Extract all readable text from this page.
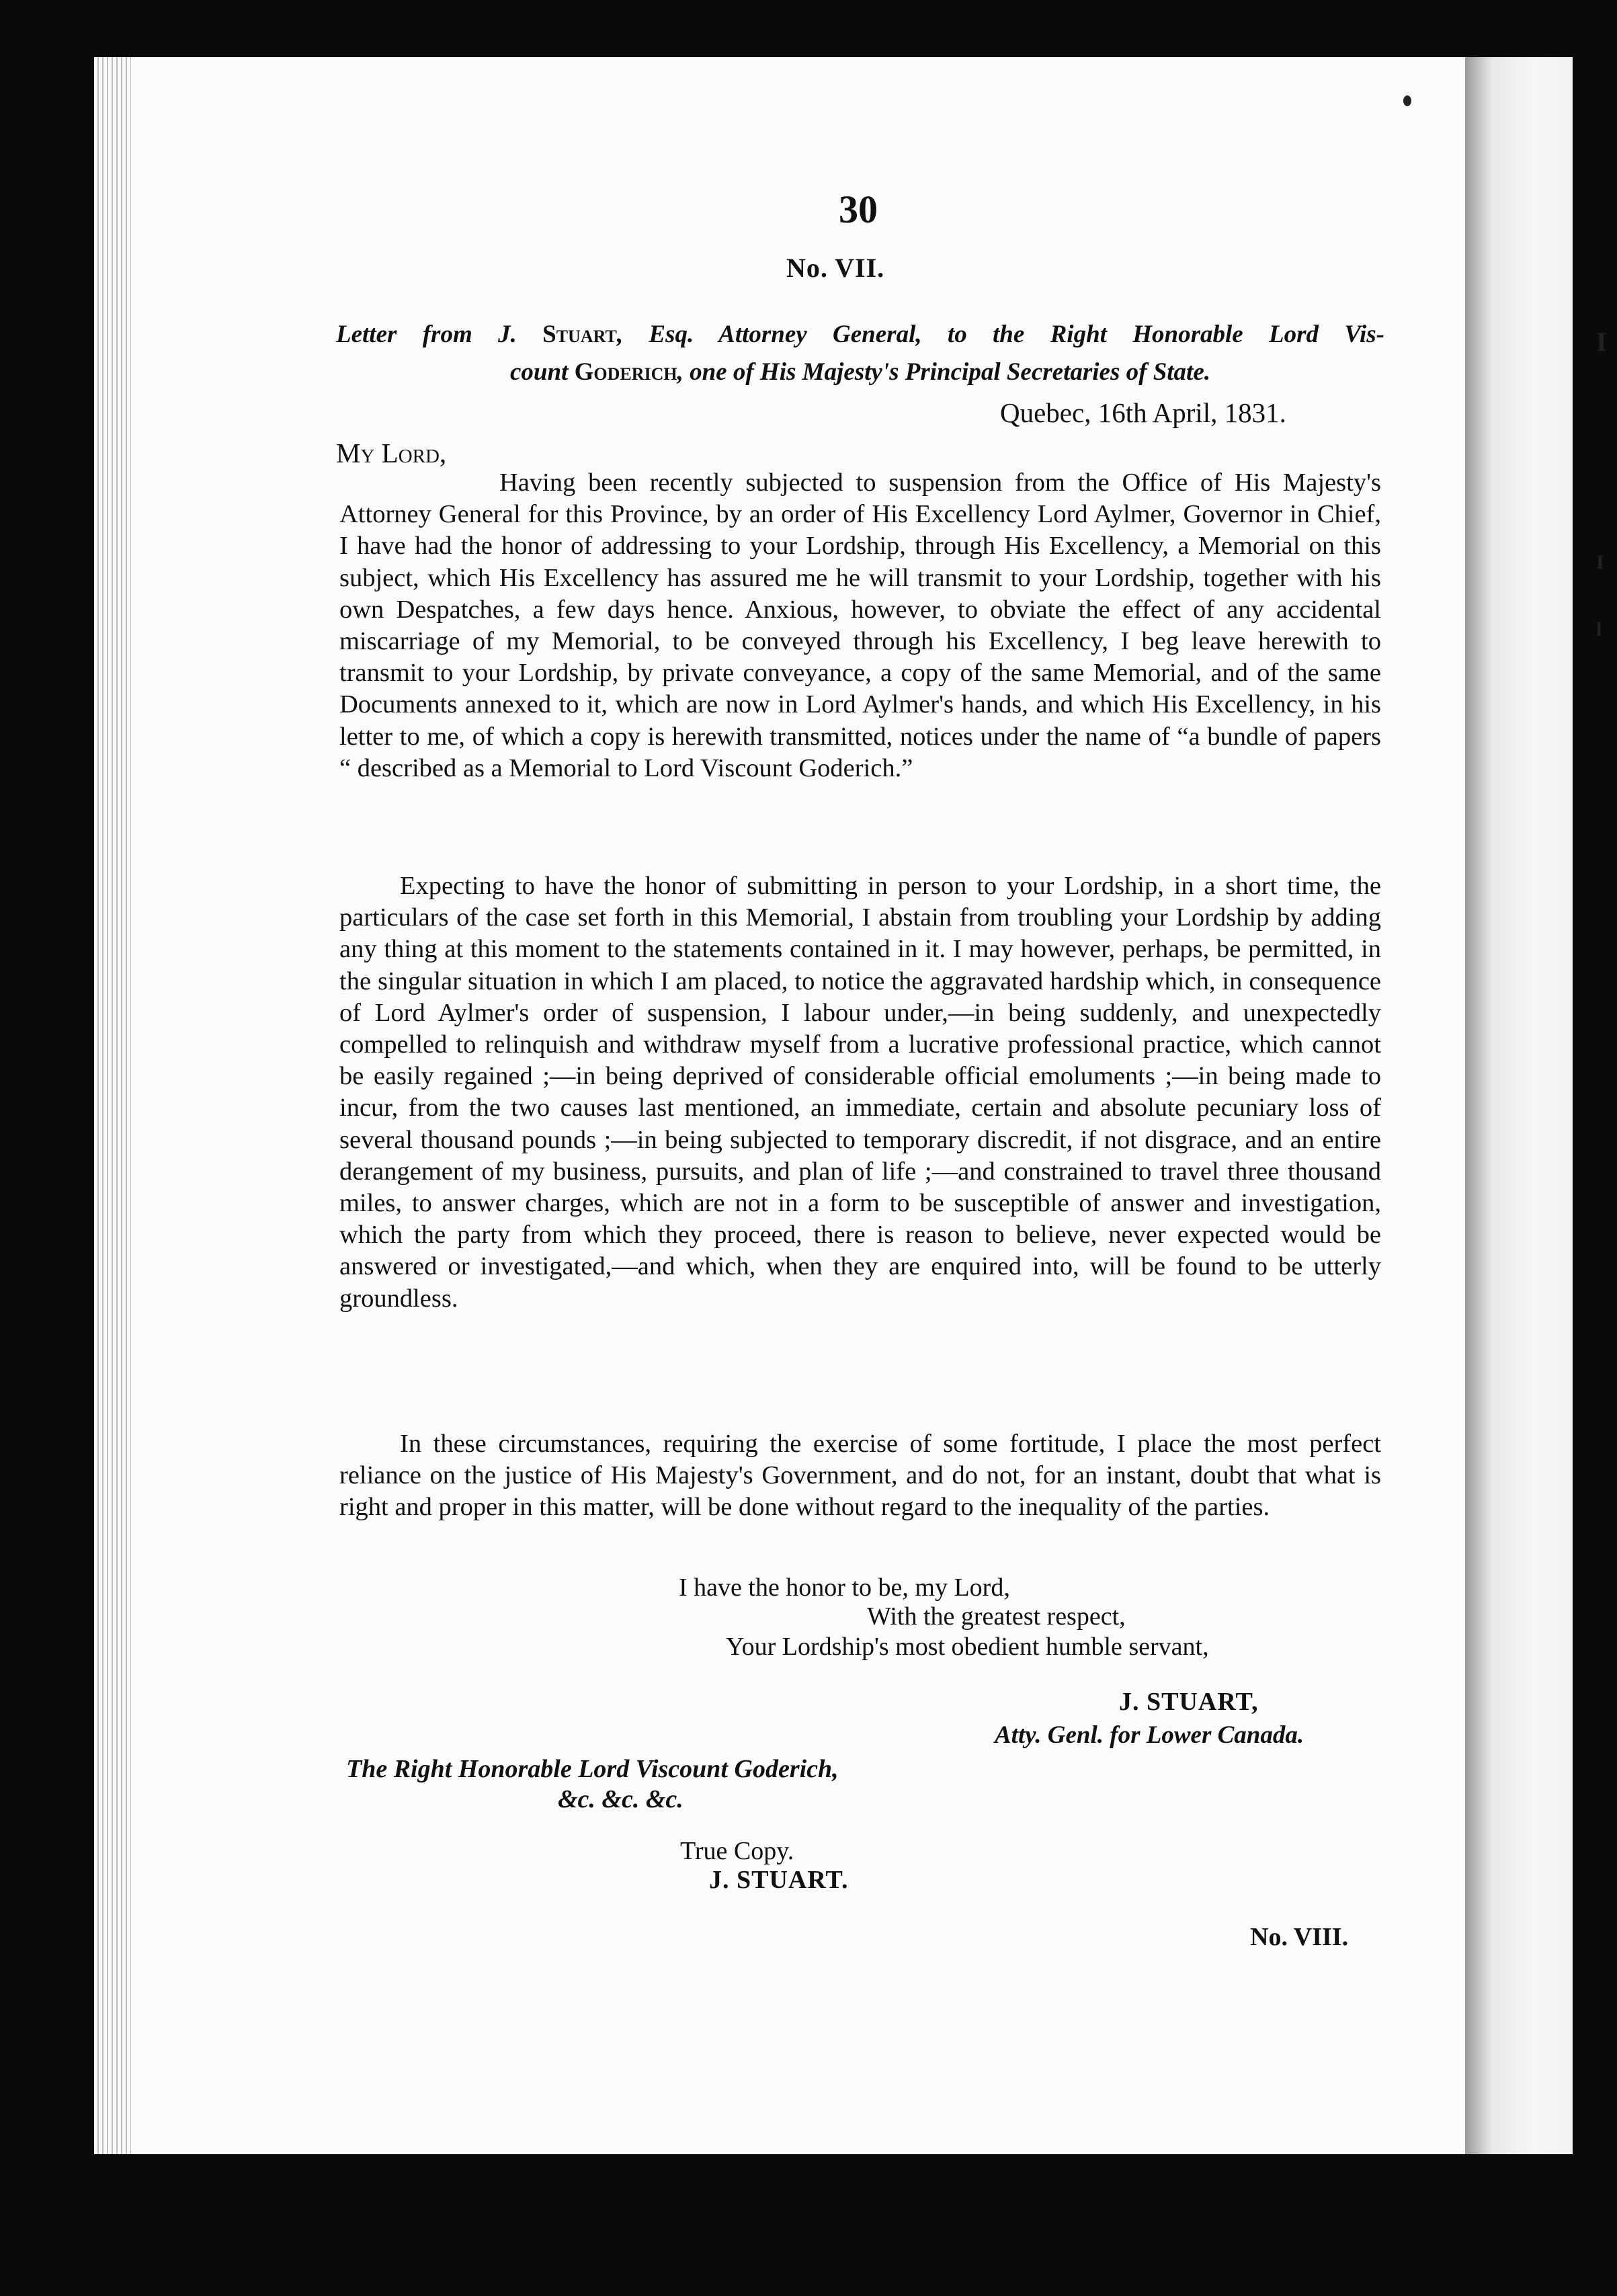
I
I
l
30
No. VII.
Letter from J. Stuart, Esq. Attorney General, to the Right Honorable Lord Vis-
count Goderich, one of His Majesty's Principal Secretaries of State.
Quebec, 16th April, 1831.
My Lord,
Having been recently subjected to suspension from the Office of His Majesty's Attorney General for this Province, by an order of His Excellency Lord Aylmer, Governor in Chief, I have had the honor of addressing to your Lordship, through His Excellency, a Memorial on this subject, which His Excellency has assured me he will transmit to your Lordship, together with his own Despatches, a few days hence. Anxious, however, to obviate the effect of any accidental miscarriage of my Memorial, to be conveyed through his Excellency, I beg leave herewith to transmit to your Lordship, by private conveyance, a copy of the same Memorial, and of the same Documents annexed to it, which are now in Lord Aylmer's hands, and which His Excellency, in his letter to me, of which a copy is herewith transmitted, notices under the name of “a bundle of papers “ described as a Memorial to Lord Viscount Goderich.”
Expecting to have the honor of submitting in person to your Lordship, in a short time, the particulars of the case set forth in this Memorial, I abstain from troubling your Lordship by adding any thing at this moment to the statements contained in it. I may however, perhaps, be permitted, in the singular situation in which I am placed, to notice the aggravated hardship which, in consequence of Lord Aylmer's order of suspension, I labour under,—in being suddenly, and unexpectedly compelled to relinquish and withdraw myself from a lucrative professional practice, which cannot be easily regained ;—in being deprived of considerable official emoluments ;—in being made to incur, from the two causes last mentioned, an immediate, certain and absolute pecuniary loss of several thousand pounds ;—in being subjected to temporary discredit, if not disgrace, and an entire derangement of my business, pursuits, and plan of life ;—and constrained to travel three thousand miles, to answer charges, which are not in a form to be susceptible of answer and investigation, which the party from which they proceed, there is reason to believe, never expected would be answered or investigated,—and which, when they are enquired into, will be found to be utterly groundless.
In these circumstances, requiring the exercise of some fortitude, I place the most perfect reliance on the justice of His Majesty's Government, and do not, for an instant, doubt that what is right and proper in this matter, will be done without regard to the inequality of the parties.
I have the honor to be, my Lord,
With the greatest respect,
Your Lordship's most obedient humble servant,
J. STUART,
Atty. Genl. for Lower Canada.
The Right Honorable Lord Viscount Goderich,
&c. &c. &c.
True Copy.
J. STUART.
No. VIII.
